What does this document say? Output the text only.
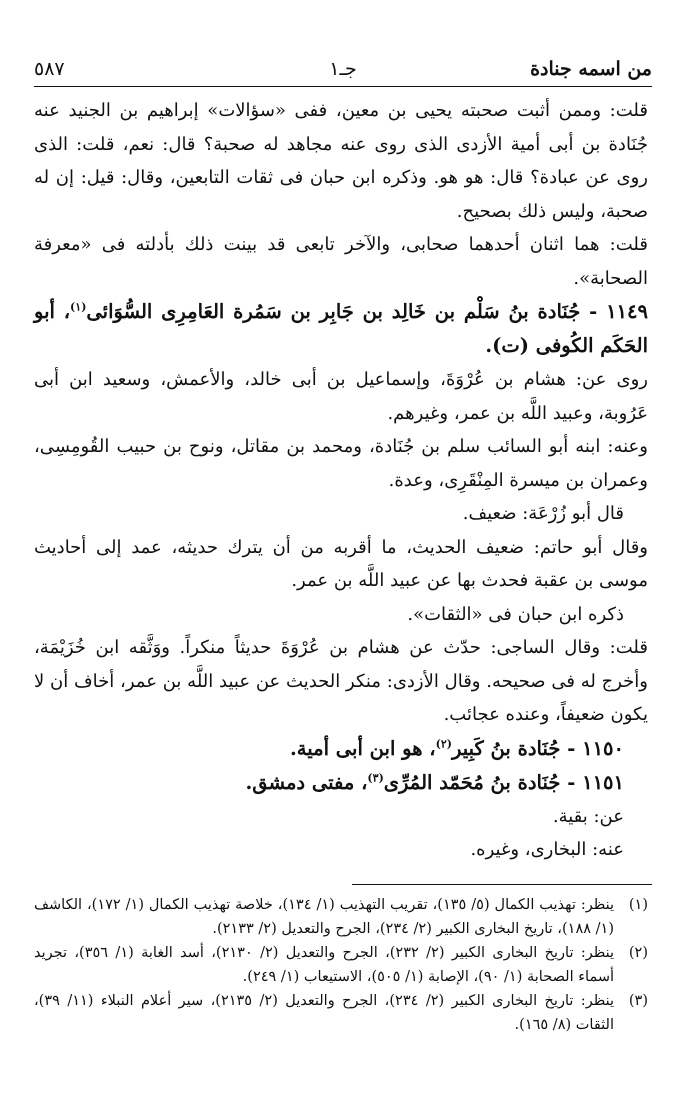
من اسمه جنادة
جـ١
٥٨٧

قلت: وممن أثبت صحبته يحيى بن معين، ففى «سؤالات» إبراهيم بن الجنيد عنه جُنَادة بن أبى أمية الأزدى الذى روى عنه مجاهد له صحبة؟ قال: نعم، قلت: الذى روى عن عبادة؟ قال: هو هو. وذكره ابن حبان فى ثقات التابعين، وقال: قيل: إن له صحبة، وليس ذلك بصحيح.

قلت: هما اثنان أحدهما صحابى، والآخر تابعى قد بينت ذلك بأدلته فى «معرفة الصحابة».

١١٤٩ - جُنَادة بنُ سَلْم بن خَالِد بن جَابِر بن سَمُرة العَامِرِى السُّوَائى$^{(١)}$، أبو الحَكَم الكُوفى (ت).

روى عن: هشام بن عُرْوَةَ، وإسماعيل بن أبى خالد، والأعمش، وسعيد ابن أبى عَرُوبة، وعبيد اللَّه بن عمر، وغيرهم.

وعنه: ابنه أبو السائب سلم بن جُنَادة، ومحمد بن مقاتل، ونوح بن حبيب القُومِسِى، وعمران بن ميسرة المِنْقَرِى، وعدة.

قال أبو زُرْعَة: ضعيف.

وقال أبو حاتم: ضعيف الحديث، ما أقربه من أن يترك حديثه، عمد إلى أحاديث موسى بن عقبة فحدث بها عن عبيد اللَّه بن عمر.

ذكره ابن حبان فى «الثقات».

قلت: وقال الساجى: حدّث عن هشام بن عُرْوَةَ حديثاً منكراً. ووَثَّقه ابن خُزَيْمَة، وأخرج له فى صحيحه. وقال الأزدى: منكر الحديث عن عبيد اللَّه بن عمر، أخاف أن لا يكون ضعيفاً، وعنده عجائب.

١١٥٠ - جُنَادة بنُ كَبِير$^{(٢)}$، هو ابن أبى أمية.

١١٥١ - جُنَادة بنُ مُحَمّد المُرِّى$^{(٣)}$، مفتى دمشق.

عن: بقية.

عنه: البخارى، وغيره.

(١)
ينظر: تهذيب الكمال (٥/ ١٣٥)، تقريب التهذيب (١/ ١٣٤)، خلاصة تهذيب الكمال (١/ ١٧٢)، الكاشف (١/ ١٨٨)، تاريخ البخارى الكبير (٢/ ٢٣٤)، الجرح والتعديل (٢/ ٢١٣٣).
(٢)
ينظر: تاريخ البخارى الكبير (٢/ ٢٣٢)، الجرح والتعديل (٢/ ٢١٣٠)، أسد الغابة (١/ ٣٥٦)، تجريد أسماء الصحابة (١/ ٩٠)، الإصابة (١/ ٥٠٥)، الاستيعاب (١/ ٢٤٩).
(٣)
ينظر: تاريخ البخارى الكبير (٢/ ٢٣٤)، الجرح والتعديل (٢/ ٢١٣٥)، سير أعلام النبلاء (١١/ ٣٩)، الثقات (٨/ ١٦٥).
